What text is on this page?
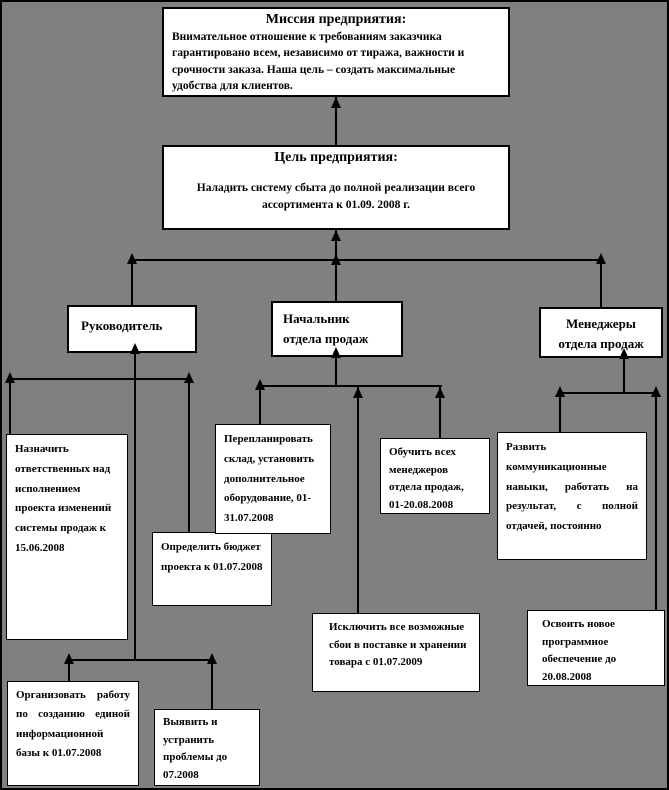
Миссия предприятия:
Внимательное отношение к требованиям заказчика гарантировано всем, независимо от тиража, важности и срочности заказа. Наша цель – создать максимальные удобства для клиентов.
Цель предприятия:
Наладить систему сбыта до полной реализации всего ассортимента к 01.09. 2008 г.
Руководитель	Начальник
отдела продаж
Менеджеры
отдела продаж
Назначить ответственных над исполнением проекта изменений системы продаж к 15.06.2008	Определить бюджет проекта к 01.07.2008
Перепланировать склад, установить дополнительное оборудование, 01-31.07.2008
Обучить всех менеджеров отдела продаж, 01-20.08.2008
Развить коммуникационные навыки, работать на результат, с полной отдачей, постоянно
Исключить все возможные сбои в поставке и хранении товара с 01.07.2009
Освоить новое программное обеспечение до 20.08.2008
Организовать работу по созданию единой информационной базы к 01.07.2008
Выявить и устранить проблемы до 07.2008
